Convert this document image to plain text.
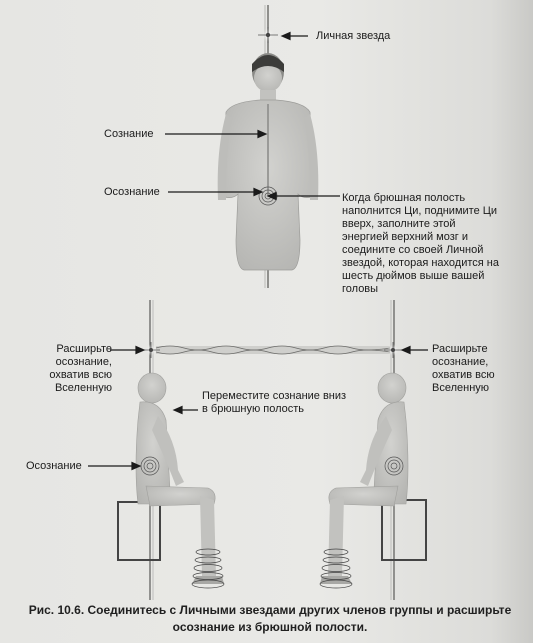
Личная звезда
Сознание
Осознание	Когда брюшная полость наполнится Ци, поднимите Ци вверх, заполните этой энергией верхний мозг и соедините со своей Личной звездой, которая находится на шесть дюймов выше вашей головы
Расширьте осознание, охватив всю Вселенную
Расширьте осознание, охватив всю Вселенную
Переместите сознание вниз в брюшную полость
Осознание
Рис. 10.6. Соединитесь с Личными звездами других членов группы и расширьте осознание из брюшной полости.
